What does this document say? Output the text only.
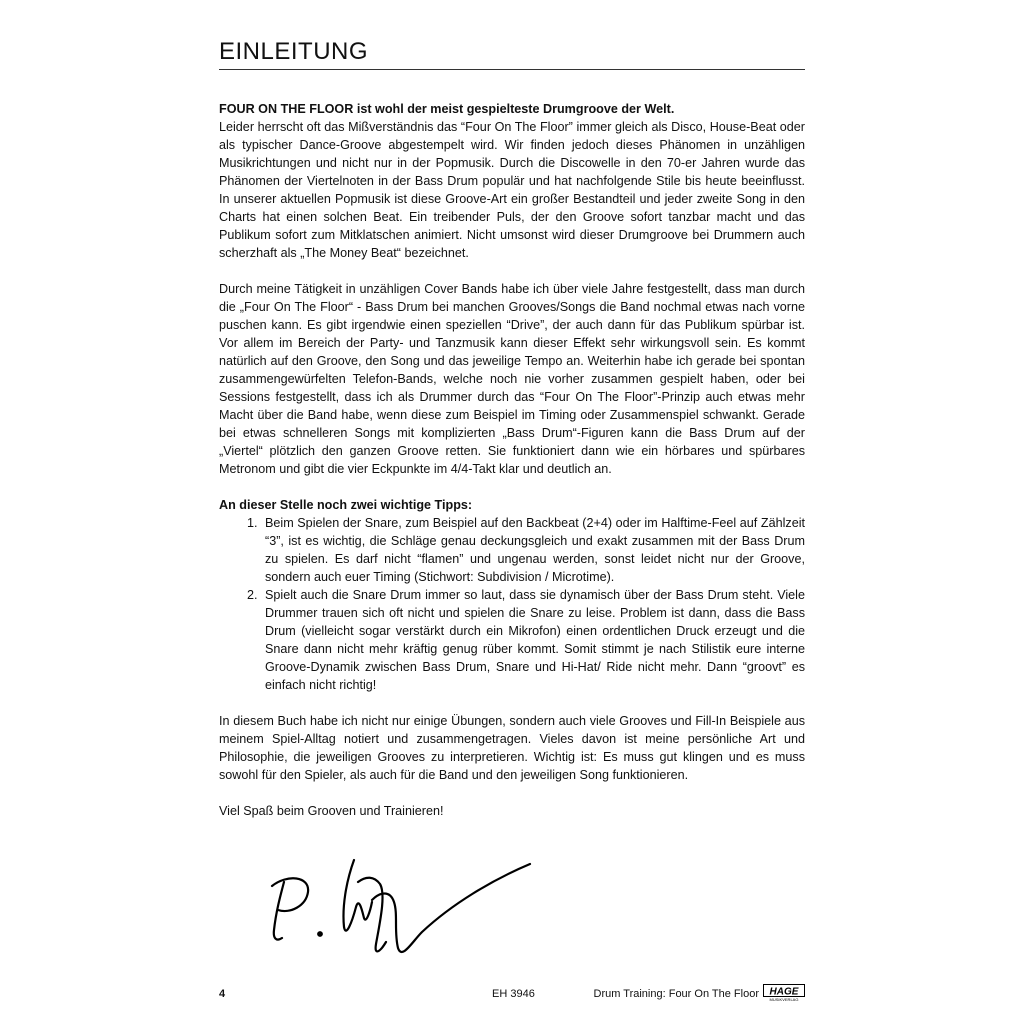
EINLEITUNG

FOUR ON THE FLOOR ist wohl der meist gespielteste Drumgroove der Welt.

Leider herrscht oft das Mißverständnis das “Four On The Floor” immer gleich als Disco, House-Beat oder als typischer Dance-Groove abgestempelt wird. Wir finden jedoch dieses Phänomen in unzähligen Musikrichtungen und nicht nur in der Popmusik. Durch die Discowelle in den 70-er Jahren wurde das Phänomen der Viertelnoten in der Bass Drum populär und hat nachfolgende Stile bis heute beeinflusst. In unserer aktuellen Popmusik ist diese Groove-Art ein großer Bestandteil und jeder zweite Song in den Charts hat einen solchen Beat. Ein treibender Puls, der den Groove sofort tanzbar macht und das Publikum sofort zum Mitklatschen animiert. Nicht umsonst wird dieser Drumgroove bei Drummern auch scherzhaft als „The Money Beat“ bezeichnet.

Durch meine Tätigkeit in unzähligen Cover Bands habe ich über viele Jahre festgestellt, dass man durch die „Four On The Floor“ - Bass Drum bei manchen Grooves/Songs die Band nochmal etwas nach vorne puschen kann. Es gibt irgendwie einen speziellen “Drive”, der auch dann für das Publikum spürbar ist. Vor allem im Bereich der Party- und Tanzmusik kann dieser Effekt sehr wirkungsvoll sein. Es kommt natürlich auf den Groove, den Song und das jeweilige Tempo an. Weiterhin habe ich gerade bei spontan zusammengewürfelten Telefon-Bands, welche noch nie vorher zusammen gespielt haben, oder bei Sessions festgestellt, dass ich als Drummer durch das “Four On The Floor”-Prinzip auch etwas mehr Macht über die Band habe, wenn diese zum Beispiel im Timing oder Zusammenspiel schwankt. Gerade bei etwas schnelleren Songs mit komplizierten „Bass Drum“-Figuren kann die Bass Drum auf der „Viertel“ plötzlich den ganzen Groove retten. Sie funktioniert dann wie ein hörbares und spürbares Metronom und gibt die vier Eckpunkte im 4/4-Takt klar und deutlich an.

An dieser Stelle noch zwei wichtige Tipps:

1. Beim Spielen der Snare, zum Beispiel auf den Backbeat (2+4) oder im Halftime-Feel auf Zählzeit “3”, ist es wichtig, die Schläge genau deckungsgleich und exakt zusammen mit der Bass Drum zu spielen. Es darf nicht “flamen” und ungenau werden, sonst leidet nicht nur der Groove, sondern auch euer Timing (Stichwort: Subdivision / Microtime).
2. Spielt auch die Snare Drum immer so laut, dass sie dynamisch über der Bass Drum steht. Viele Drummer trauen sich oft nicht und spielen die Snare zu leise. Problem ist dann, dass die Bass Drum (vielleicht sogar verstärkt durch ein Mikrofon) einen ordentlichen Druck erzeugt und die Snare dann nicht mehr kräftig genug rüber kommt. Somit stimmt je nach Stilistik eure interne Groove-Dynamik zwischen Bass Drum, Snare und Hi-Hat/ Ride nicht mehr. Dann “groovt” es einfach nicht richtig!

In diesem Buch habe ich nicht nur einige Übungen, sondern auch viele Grooves und Fill-In Beispiele aus meinem Spiel-Alltag notiert und zusammengetragen. Vieles davon ist meine persönliche Art und Philosophie, die jeweiligen Grooves zu interpretieren. Wichtig ist: Es muss gut klingen und es muss sowohl für den Spieler, als auch für die Band und den jeweiligen Song funktionieren.

Viel Spaß beim Grooven und Trainieren!

4	EH 3946	Drum Training: Four On The Floor HAGE
MUSIKVERLAG
